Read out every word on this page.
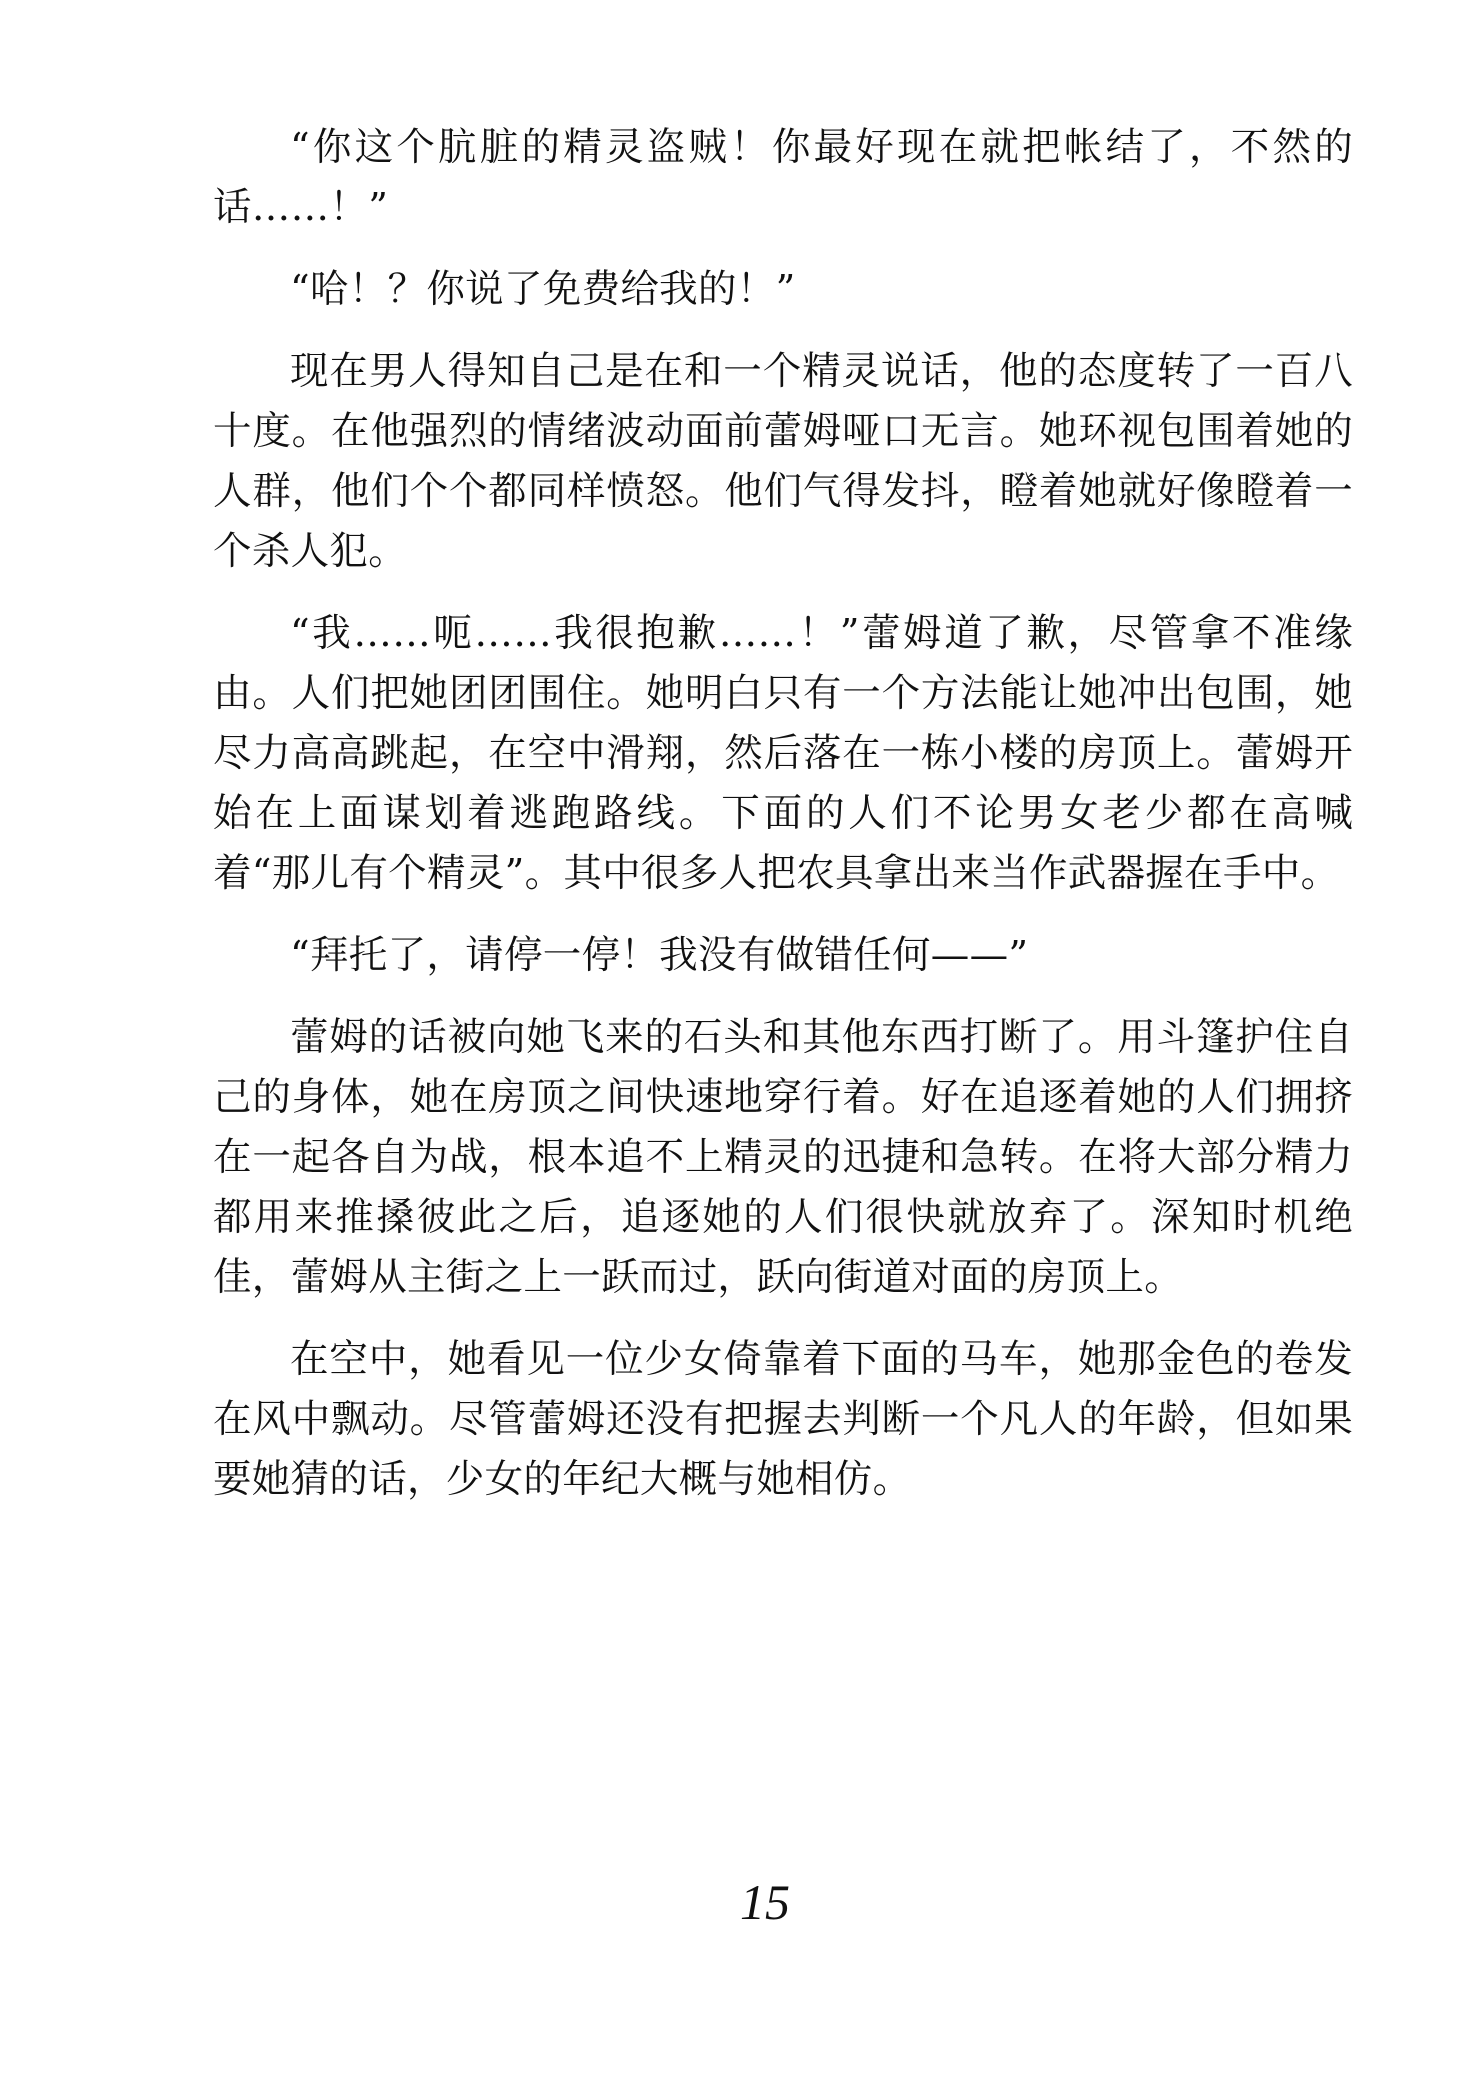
“你这个肮脏的精灵盗贼！你最好现在就把帐结了，不然的话……！”

“哈！？你说了免费给我的！”

现在男人得知自己是在和一个精灵说话，他的态度转了一百八十度。在他强烈的情绪波动面前蕾姆哑口无言。她环视包围着她的人群，他们个个都同样愤怒。他们气得发抖，瞪着她就好像瞪着一个杀人犯。

“我……呃……我很抱歉……！”蕾姆道了歉，尽管拿不准缘由。人们把她团团围住。她明白只有一个方法能让她冲出包围，她尽力高高跳起，在空中滑翔，然后落在一栋小楼的房顶上。蕾姆开始在上面谋划着逃跑路线。下面的人们不论男女老少都在高喊着“那儿有个精灵”。其中很多人把农具拿出来当作武器握在手中。

“拜托了，请停一停！我没有做错任何——”

蕾姆的话被向她飞来的石头和其他东西打断了。用斗篷护住自己的身体，她在房顶之间快速地穿行着。好在追逐着她的人们拥挤在一起各自为战，根本追不上精灵的迅捷和急转。在将大部分精力都用来推搡彼此之后，追逐她的人们很快就放弃了。深知时机绝佳，蕾姆从主街之上一跃而过，跃向街道对面的房顶上。

在空中，她看见一位少女倚靠着下面的马车，她那金色的卷发在风中飘动。尽管蕾姆还没有把握去判断一个凡人的年龄，但如果要她猜的话，少女的年纪大概与她相仿。

15
